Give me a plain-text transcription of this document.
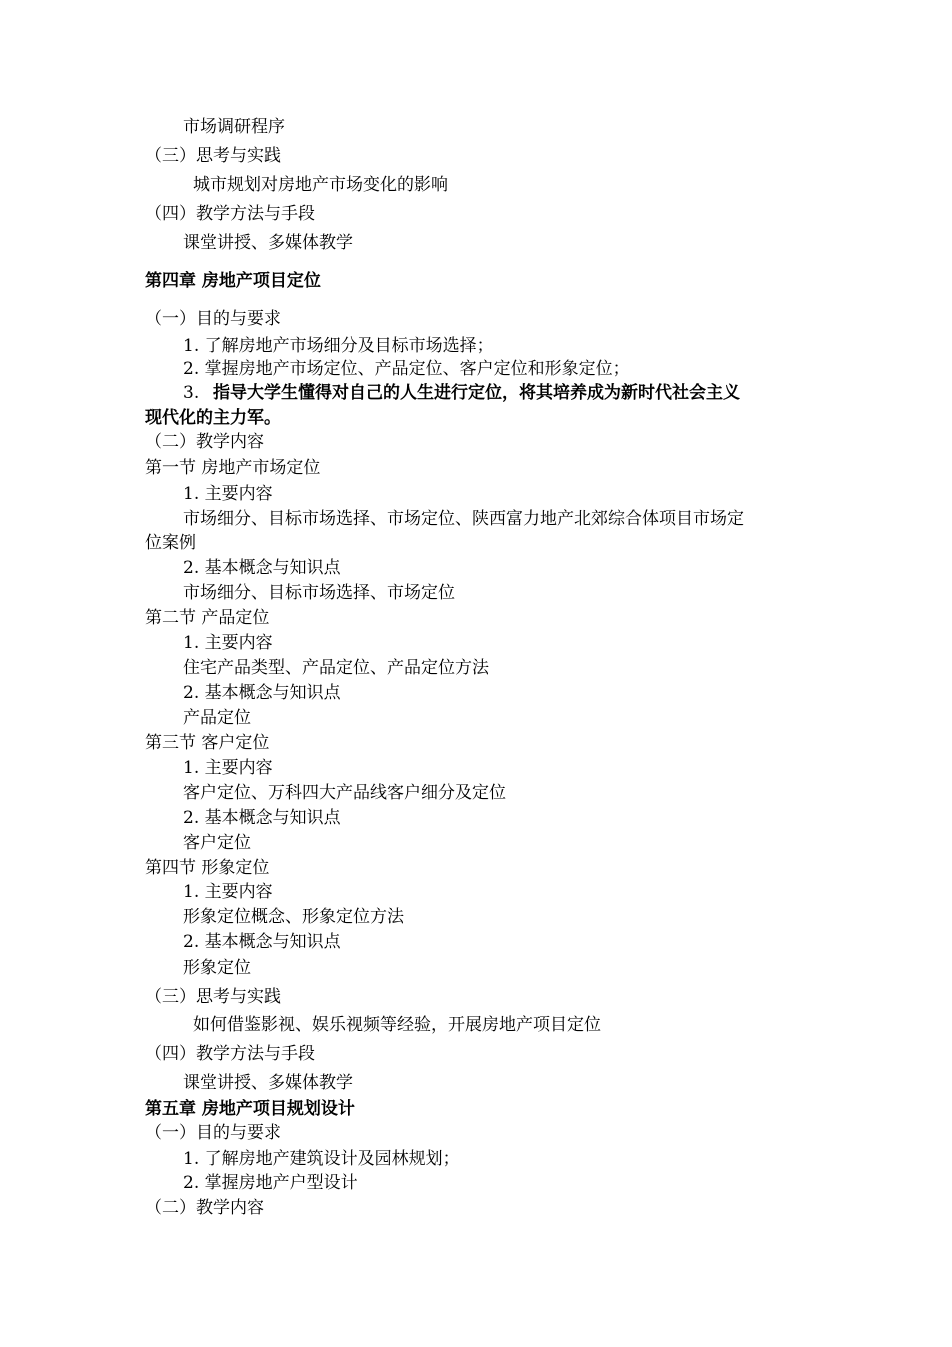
市场调研程序
（三）思考与实践
城市规划对房地产市场变化的影响
（四）教学方法与手段
课堂讲授、多媒体教学
第四章 房地产项目定位
（一）目的与要求
1. 了解房地产市场细分及目标市场选择；
2. 掌握房地产市场定位、产品定位、客户定位和形象定位；
3. 指导大学生懂得对自己的人生进行定位，将其培养成为新时代社会主义
现代化的主力军。
（二）教学内容
第一节 房地产市场定位
1. 主要内容
市场细分、目标市场选择、市场定位、陕西富力地产北郊综合体项目市场定
位案例
2. 基本概念与知识点
市场细分、目标市场选择、市场定位
第二节 产品定位
1. 主要内容
住宅产品类型、产品定位、产品定位方法
2. 基本概念与知识点
产品定位
第三节 客户定位
1. 主要内容
客户定位、万科四大产品线客户细分及定位
2. 基本概念与知识点
客户定位
第四节 形象定位
1. 主要内容
形象定位概念、形象定位方法
2. 基本概念与知识点
形象定位
（三）思考与实践
如何借鉴影视、娱乐视频等经验，开展房地产项目定位
（四）教学方法与手段
课堂讲授、多媒体教学
第五章 房地产项目规划设计
（一）目的与要求
1. 了解房地产建筑设计及园林规划；
2. 掌握房地产户型设计
（二）教学内容
